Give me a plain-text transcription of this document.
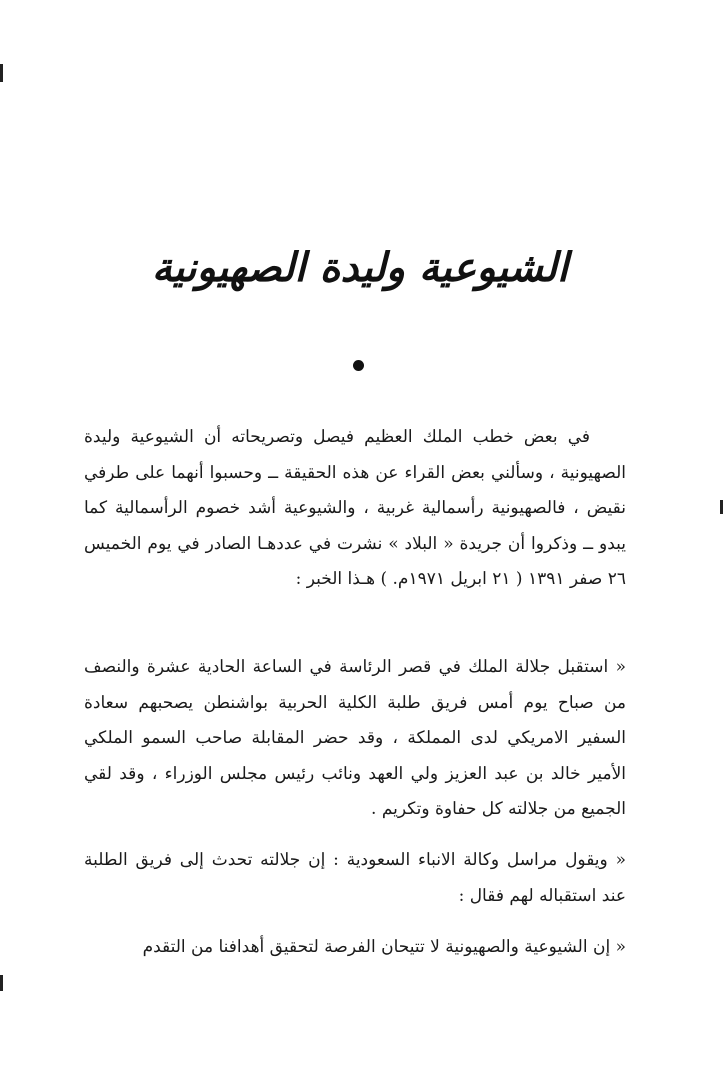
الشيوعية وليدة الصهيونية

في بعض خطب الملك العظيم فيصل وتصريحاته أن الشيوعية وليدة الصهيونية ، وسألني بعض القراء عن هذه الحقيقة ــ وحسبوا أنهما على طرفي نقيض ، فالصهيونية رأسمالية غربية ، والشيوعية أشد خصوم الرأسمالية كما يبدو ــ وذكروا أن جريدة « البلاد » نشرت في عددهـا الصادر في يوم الخميس ٢٦ صفر ١٣٩١ ( ٢١ ابريل ١٩٧١م. ) هـذا الخبر :

« استقبل جلالة الملك في قصر الرئاسة في الساعة الحادية عشرة والنصف من صباح يوم أمس فريق طلبة الكلية الحربية بواشنطن يصحبهم سعادة السفير الامريكي لدى المملكة ، وقد حضر المقابلة صاحب السمو الملكي الأمير خالد بن عبد العزيز ولي العهد ونائب رئيس مجلس الوزراء ، وقد لقي الجميع من جلالته كل حفاوة وتكريم .

« ويقول مراسل وكالة الانباء السعودية : إن جلالته تحدث إلى فريق الطلبة عند استقباله لهم فقال :

« إن الشيوعية والصهيونية لا تتيحان الفرصة لتحقيق أهدافنا من التقدم
